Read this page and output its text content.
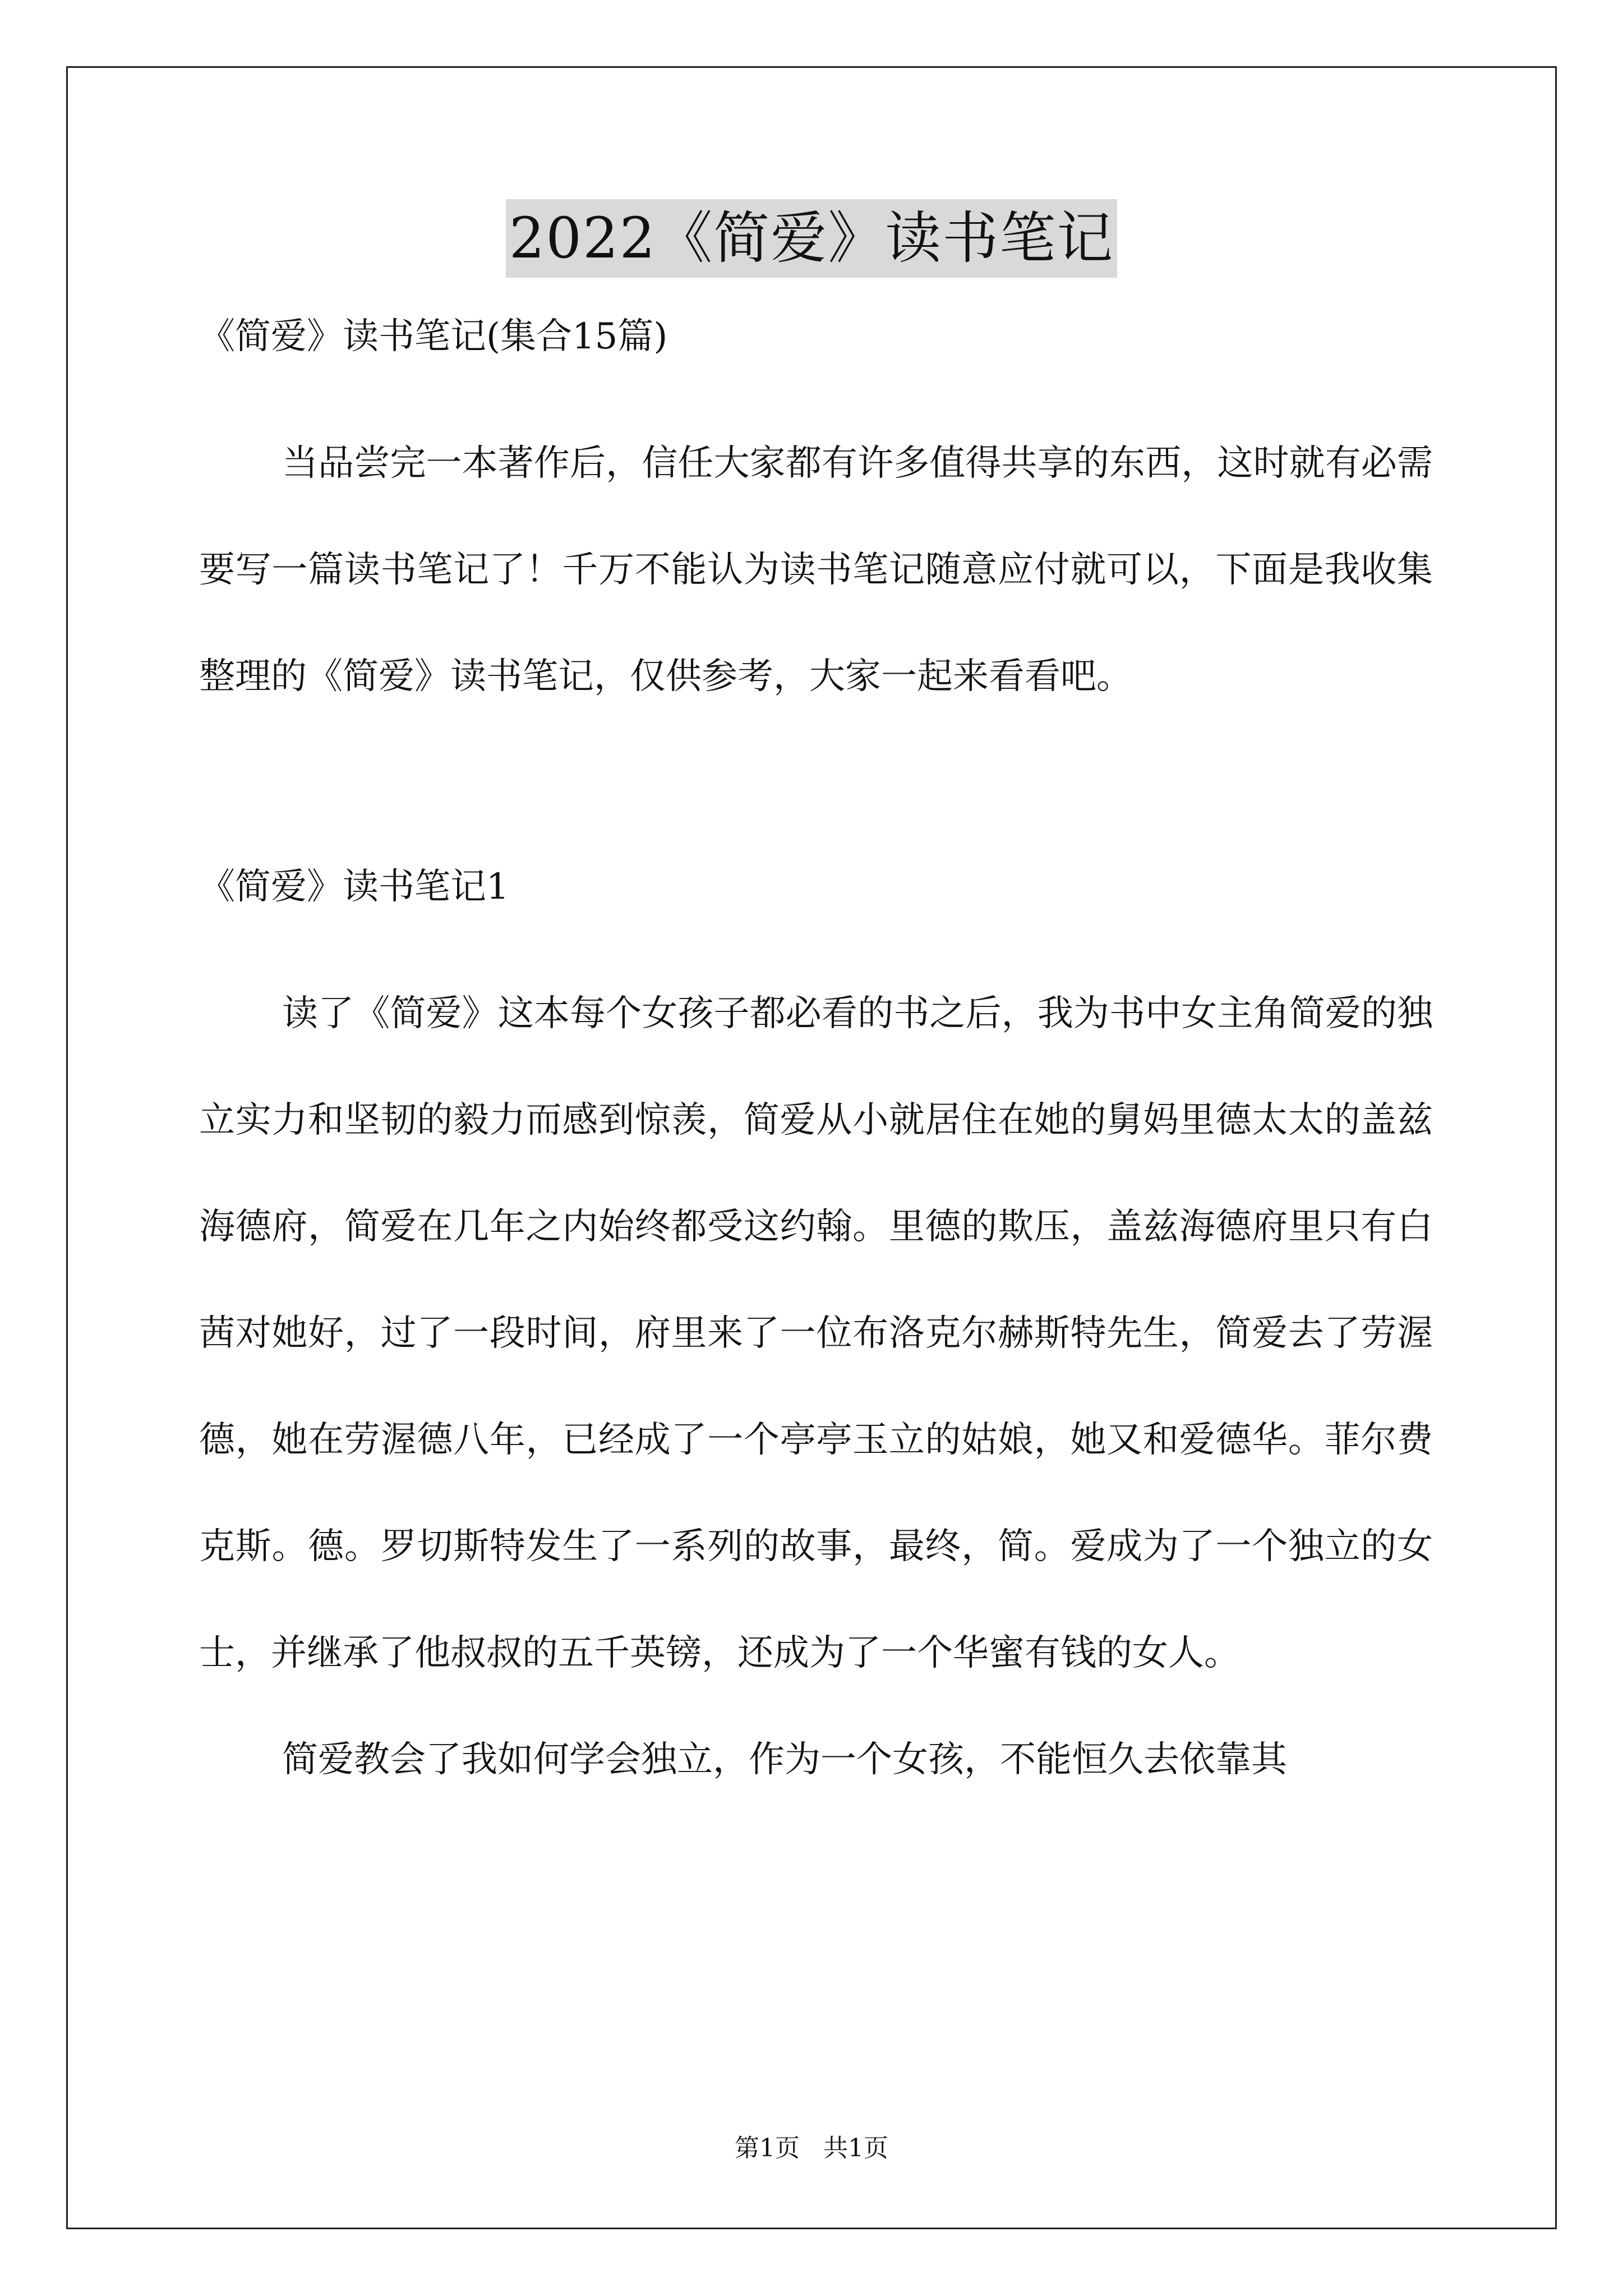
2022《简爱》读书笔记

《简爱》读书笔记(集合15篇)

当品尝完一本著作后，信任大家都有许多值得共享的东西，这时就有必需要写一篇读书笔记了！千万不能认为读书笔记随意应付就可以，下面是我收集整理的《简爱》读书笔记，仅供参考，大家一起来看看吧。

《简爱》读书笔记1

读了《简爱》这本每个女孩子都必看的书之后，我为书中女主角简爱的独立实力和坚韧的毅力而感到惊羡，简爱从小就居住在她的舅妈里德太太的盖兹海德府，简爱在几年之内始终都受这约翰。里德的欺压，盖兹海德府里只有白茜对她好，过了一段时间，府里来了一位布洛克尔赫斯特先生，简爱去了劳渥德，她在劳渥德八年，已经成了一个亭亭玉立的姑娘，她又和爱德华。菲尔费克斯。德。罗切斯特发生了一系列的故事，最终，简。爱成为了一个独立的女士，并继承了他叔叔的五千英镑，还成为了一个华蜜有钱的女人。

简爱教会了我如何学会独立，作为一个女孩，不能恒久去依靠其

第1页   共1页
